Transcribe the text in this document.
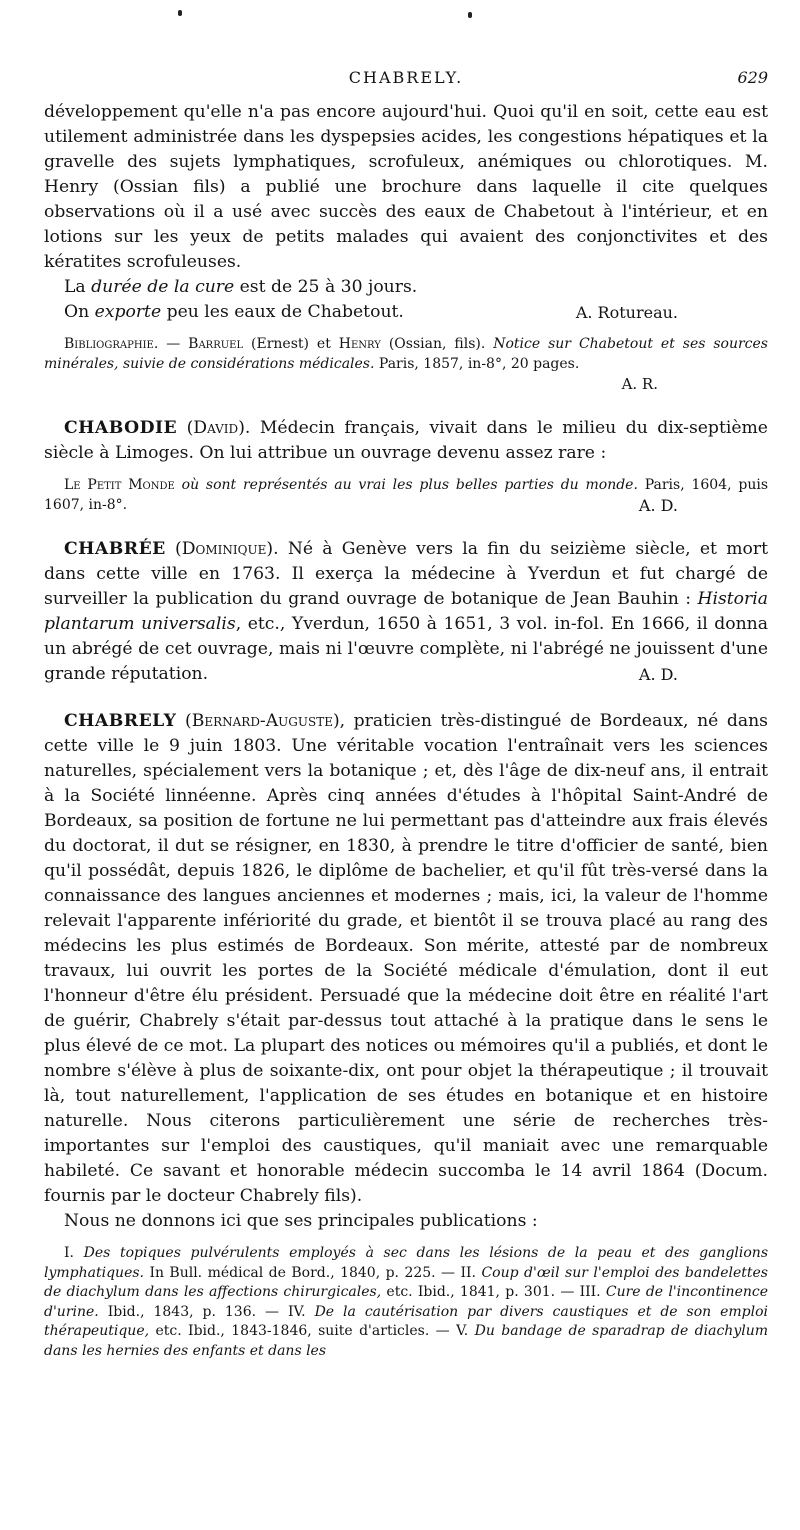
CHABRELY.	629

développement qu'elle n'a pas encore aujourd'hui. Quoi qu'il en soit, cette eau est utilement administrée dans les dyspepsies acides, les congestions hépatiques et la gravelle des sujets lymphatiques, scrofuleux, anémiques ou chlorotiques. M. Henry (Ossian fils) a publié une brochure dans laquelle il cite quelques observations où il a usé avec succès des eaux de Chabetout à l'intérieur, et en lotions sur les yeux de petits malades qui avaient des conjonctivites et des kératites scrofuleuses.

La durée de la cure est de 25 à 30 jours.

On exporte peu les eaux de Chabetout.	A. Rotureau.

Bibliographie. — Barruel (Ernest) et Henry (Ossian, fils). Notice sur Chabetout et ses sources minérales, suivie de considérations médicales. Paris, 1857, in-8°, 20 pages.

A. R.

CHABODIE (David). Médecin français, vivait dans le milieu du dix-septième siècle à Limoges. On lui attribue un ouvrage devenu assez rare :

Le Petit Monde où sont représentés au vrai les plus belles parties du monde. Paris, 1604, puis 1607, in-8°.	A. D.

CHABRÉE (Dominique). Né à Genève vers la fin du seizième siècle, et mort dans cette ville en 1763. Il exerça la médecine à Yverdun et fut chargé de surveiller la publication du grand ouvrage de botanique de Jean Bauhin : Historia plantarum universalis, etc., Yverdun, 1650 à 1651, 3 vol. in-fol. En 1666, il donna un abrégé de cet ouvrage, mais ni l'œuvre complète, ni l'abrégé ne jouissent d'une grande réputation.	A. D.

CHABRELY (Bernard-Auguste), praticien très-distingué de Bordeaux, né dans cette ville le 9 juin 1803. Une véritable vocation l'entraînait vers les sciences naturelles, spécialement vers la botanique ; et, dès l'âge de dix-neuf ans, il entrait à la Société linnéenne. Après cinq années d'études à l'hôpital Saint-André de Bordeaux, sa position de fortune ne lui permettant pas d'atteindre aux frais élevés du doctorat, il dut se résigner, en 1830, à prendre le titre d'officier de santé, bien qu'il possédât, depuis 1826, le diplôme de bachelier, et qu'il fût très-versé dans la connaissance des langues anciennes et modernes ; mais, ici, la valeur de l'homme relevait l'apparente infériorité du grade, et bientôt il se trouva placé au rang des médecins les plus estimés de Bordeaux. Son mérite, attesté par de nombreux travaux, lui ouvrit les portes de la Société médicale d'émulation, dont il eut l'honneur d'être élu président. Persuadé que la médecine doit être en réalité l'art de guérir, Chabrely s'était par-dessus tout attaché à la pratique dans le sens le plus élevé de ce mot. La plupart des notices ou mémoires qu'il a publiés, et dont le nombre s'élève à plus de soixante-dix, ont pour objet la thérapeutique ; il trouvait là, tout naturellement, l'application de ses études en botanique et en histoire naturelle. Nous citerons particulièrement une série de recherches très-importantes sur l'emploi des caustiques, qu'il maniait avec une remarquable habileté. Ce savant et honorable médecin succomba le 14 avril 1864 (Docum. fournis par le docteur Chabrely fils).

Nous ne donnons ici que ses principales publications :

I. Des topiques pulvérulents employés à sec dans les lésions de la peau et des ganglions lymphatiques. In Bull. médical de Bord., 1840, p. 225. — II. Coup d'œil sur l'emploi des bandelettes de diachylum dans les affections chirurgicales, etc. Ibid., 1841, p. 301. — III. Cure de l'incontinence d'urine. Ibid., 1843, p. 136. — IV. De la cautérisation par divers caustiques et de son emploi thérapeutique, etc. Ibid., 1843-1846, suite d'articles. — V. Du bandage de sparadrap de diachylum dans les hernies des enfants et dans les
